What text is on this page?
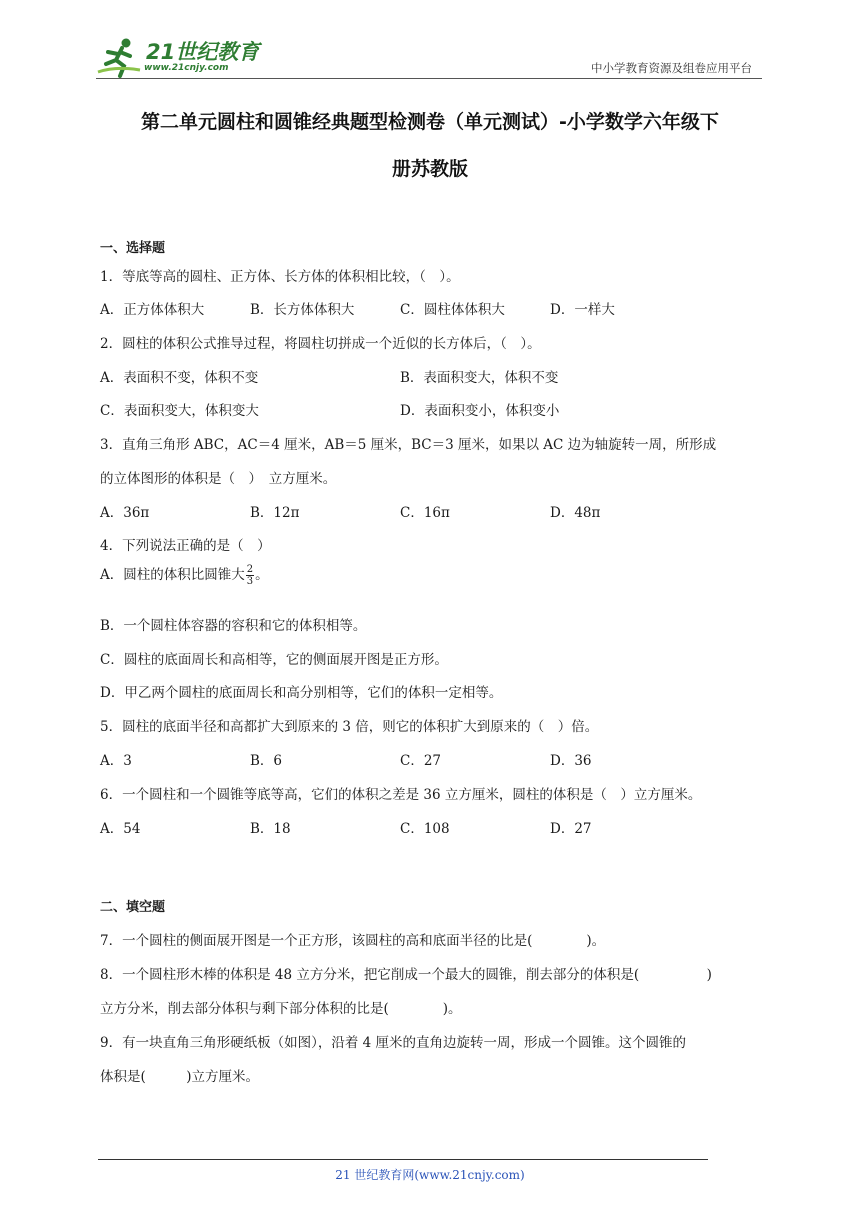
21世纪教育
www.21cnjy.com	中小学教育资源及组卷应用平台
第二单元圆柱和圆锥经典题型检测卷（单元测试）-小学数学六年级下
册苏教版
一、选择题
1．等底等高的圆柱、正方体、长方体的体积相比较，（　）。
A．正方体体积大	B．长方体体积大	C．圆柱体体积大	D．一样大
2．圆柱的体积公式推导过程，将圆柱切拼成一个近似的长方体后，（　）。
A．表面积不变，体积不变	B．表面积变大，体积不变
C．表面积变大，体积变大	D．表面积变小，体积变小
3．直角三角形 ABC，AC＝4 厘米，AB＝5 厘米，BC＝3 厘米，如果以 AC 边为轴旋转一周，所形成
的立体图形的体积是（　）　立方厘米。
A．36π	B．12π	C．16π	D．48π
4．下列说法正确的是（　）
A．圆柱的体积比圆锥大 $\frac{2}{3}$ 。
B．一个圆柱体容器的容积和它的体积相等。
C．圆柱的底面周长和高相等，它的侧面展开图是正方形。
D．甲乙两个圆柱的底面周长和高分别相等，它们的体积一定相等。
5．圆柱的底面半径和高都扩大到原来的 3 倍，则它的体积扩大到原来的（　）倍。
A．3	B．6	C．27	D．36
6．一个圆柱和一个圆锥等底等高，它们的体积之差是 36 立方厘米，圆柱的体积是（　）立方厘米。
A．54	B．18	C．108	D．27
二、填空题
7．一个圆柱的侧面展开图是一个正方形，该圆柱的高和底面半径的比是(　　　　)。
8．一个圆柱形木棒的体积是 48 立方分米，把它削成一个最大的圆锥，削去部分的体积是(　　　　　)
立方分米，削去部分体积与剩下部分体积的比是(　　　　)。
9．有一块直角三角形硬纸板（如图），沿着 4 厘米的直角边旋转一周，形成一个圆锥。这个圆锥的
体积是(　　　)立方厘米。
21 世纪教育网(www.21cnjy.com)
